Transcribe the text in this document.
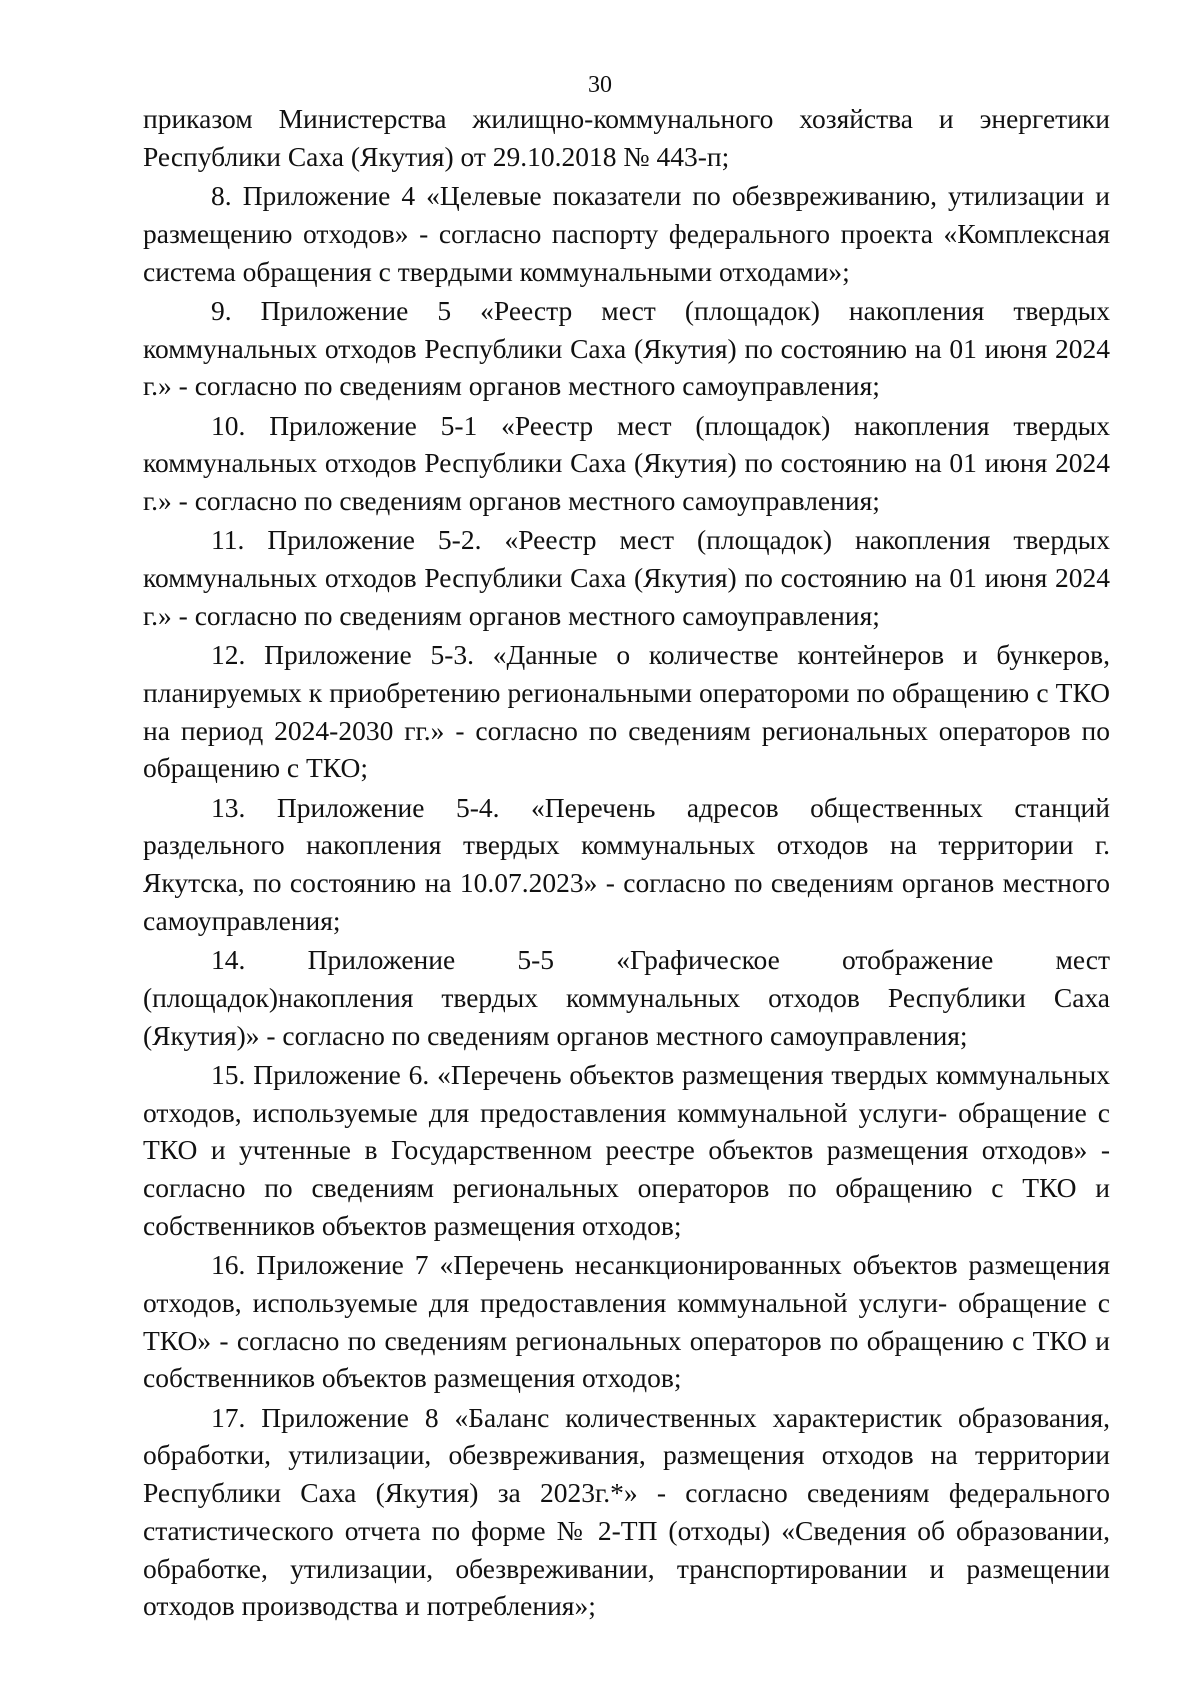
30

приказом Министерства жилищно-коммунального хозяйства и энергетики Республики Саха (Якутия) от 29.10.2018 № 443-п;

8. Приложение 4 «Целевые показатели по обезвреживанию, утилизации и размещению отходов» - согласно паспорту федерального проекта «Комплексная система обращения с твердыми коммунальными отходами»;

9. Приложение 5 «Реестр мест (площадок) накопления твердых коммунальных отходов Республики Саха (Якутия) по состоянию на 01 июня 2024 г.» - согласно по сведениям органов местного самоуправления;

10. Приложение 5-1 «Реестр мест (площадок) накопления твердых коммунальных отходов Республики Саха (Якутия) по состоянию на 01 июня 2024 г.» - согласно по сведениям органов местного самоуправления;

11. Приложение 5-2. «Реестр мест (площадок) накопления твердых коммунальных отходов Республики Саха (Якутия) по состоянию на 01 июня 2024 г.» - согласно по сведениям органов местного самоуправления;

12. Приложение 5-3. «Данные о количестве контейнеров и бункеров, планируемых к приобретению региональными оператороми по обращению с ТКО на период 2024-2030 гг.» - согласно по сведениям региональных операторов по обращению с ТКО;

13. Приложение 5-4. «Перечень адресов общественных станций раздельного накопления твердых коммунальных отходов на территории г. Якутска, по состоянию на 10.07.2023» - согласно по сведениям органов местного самоуправления;

14. Приложение 5-5 «Графическое отображение мест (площадок)накопления твердых коммунальных отходов Республики Саха (Якутия)» - согласно по сведениям органов местного самоуправления;

15. Приложение 6. «Перечень объектов размещения твердых коммунальных отходов, используемые для предоставления коммунальной услуги- обращение с ТКО и учтенные в Государственном реестре объектов размещения отходов» - согласно по сведениям региональных операторов по обращению с ТКО и собственников объектов размещения отходов;

16. Приложение 7 «Перечень несанкционированных объектов размещения отходов, используемые для предоставления коммунальной услуги- обращение с ТКО» - согласно по сведениям региональных операторов по обращению с ТКО и собственников объектов размещения отходов;

17. Приложение 8 «Баланс количественных характеристик образования, обработки, утилизации, обезвреживания, размещения отходов на территории Республики Саха (Якутия) за 2023г.*» - согласно сведениям федерального статистического отчета по форме № 2-ТП (отходы) «Сведения об образовании, обработке, утилизации, обезвреживании, транспортировании и размещении отходов производства и потребления»;
